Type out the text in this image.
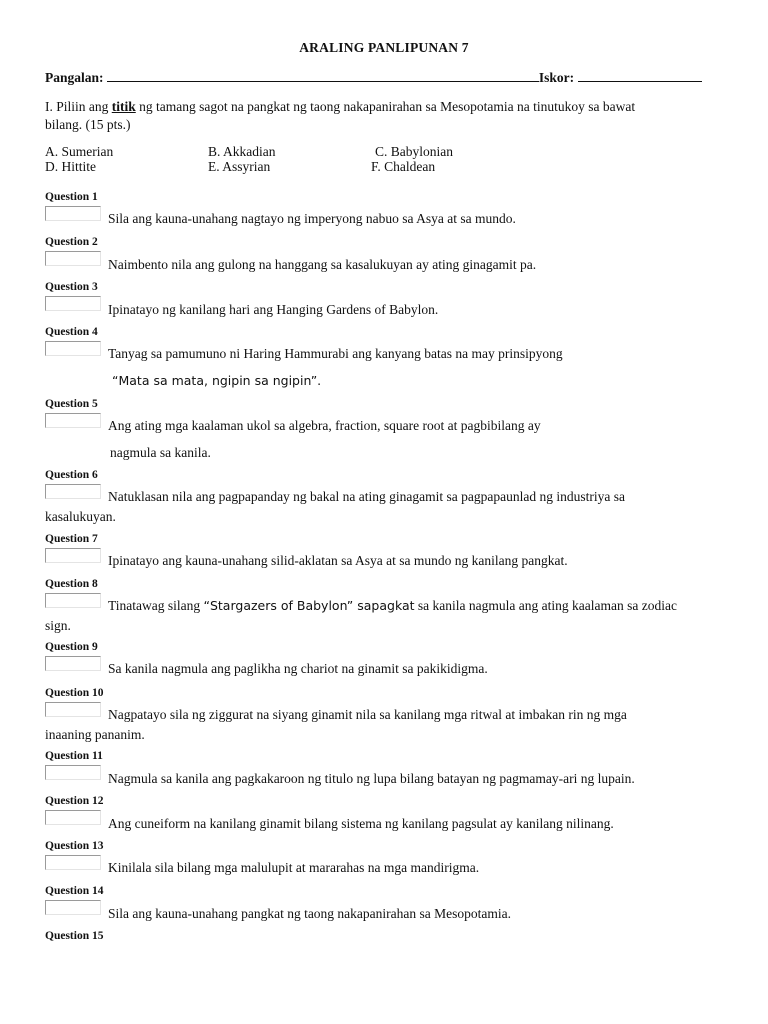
ARALING PANLIPUNAN 7
Pangalan:	Iskor:
I. Piliin ang titik ng tamang sagot na pangkat ng taong nakapanirahan sa Mesopotamia na tinutukoy sa bawat
bilang. (15 pts.)
A. Sumerian	B. Akkadian	C. Babylonian
D. Hittite	E. Assyrian	F. Chaldean
Question 1
Sila ang kauna-unahang nagtayo ng imperyong nabuo sa Asya at sa mundo.
Question 2
Naimbento nila ang gulong na hanggang sa kasalukuyan ay ating ginagamit pa.
Question 3
Ipinatayo ng kanilang hari ang Hanging Gardens of Babylon.
Question 4
Tanyag sa pamumuno ni Haring Hammurabi ang kanyang batas na may prinsipyong
“Mata sa mata, ngipin sa ngipin”.
Question 5
Ang ating mga kaalaman ukol sa algebra, fraction, square root at pagbibilang ay
nagmula sa kanila.
Question 6
Natuklasan nila ang pagpapanday ng bakal na ating ginagamit sa pagpapaunlad ng industriya sa
kasalukuyan.
Question 7
Ipinatayo ang kauna-unahang silid-aklatan sa Asya at sa mundo ng kanilang pangkat.
Question 8
Tinatawag silang “Stargazers of Babylon” sapagkat sa kanila nagmula ang ating kaalaman sa zodiac
sign.
Question 9
Sa kanila nagmula ang paglikha ng chariot na ginamit sa pakikidigma.
Question 10
Nagpatayo sila ng ziggurat na siyang ginamit nila sa kanilang mga ritwal at imbakan rin ng mga
inaaning pananim.
Question 11
Nagmula sa kanila ang pagkakaroon ng titulo ng lupa bilang batayan ng pagmamay-ari ng lupain.
Question 12
Ang cuneiform na kanilang ginamit bilang sistema ng kanilang pagsulat ay kanilang nilinang.
Question 13
Kinilala sila bilang mga malulupit at mararahas na mga mandirigma.
Question 14
Sila ang kauna-unahang pangkat ng taong nakapanirahan sa Mesopotamia.
Question 15
